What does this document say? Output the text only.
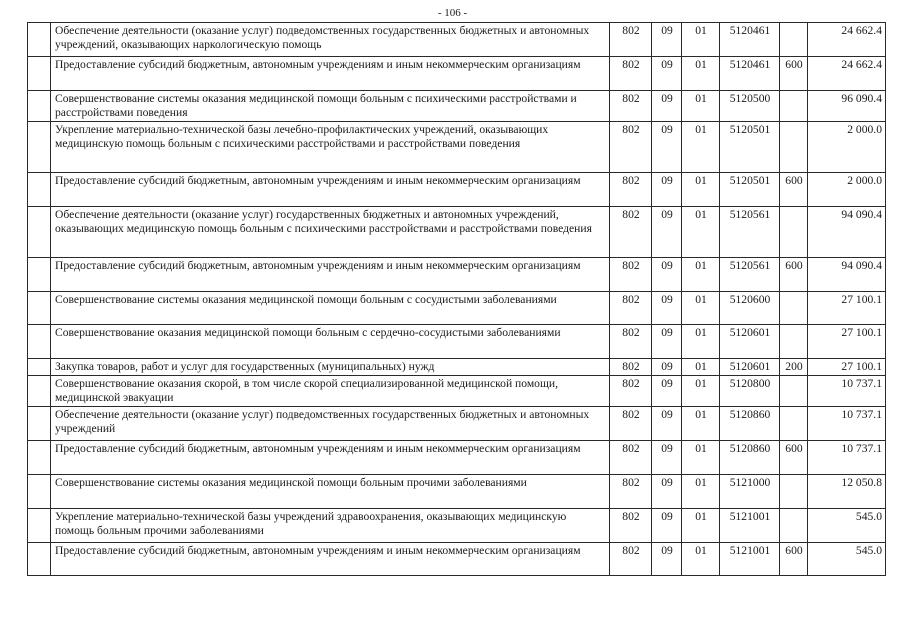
- 106 -
	Обеспечение деятельности (оказание услуг) подведомственных государственных бюджетных и автономных учреждений, оказывающих наркологическую помощь	802	09	01	5120461		24 662.4
	Предоставление субсидий бюджетным, автономным учреждениям и иным некоммерческим организациям	802	09	01	5120461	600	24 662.4
	Совершенствование системы оказания медицинской помощи больным с психическими расстройствами и расстройствами поведения	802	09	01	5120500		96 090.4
	Укрепление материально-технической базы лечебно-профилактических учреждений, оказывающих медицинскую помощь больным с психическими расстройствами и расстройствами поведения	802	09	01	5120501		2 000.0
	Предоставление субсидий бюджетным, автономным учреждениям и иным некоммерческим организациям	802	09	01	5120501	600	2 000.0
	Обеспечение деятельности (оказание услуг) государственных бюджетных и автономных учреждений, оказывающих медицинскую помощь больным с психическими расстройствами и расстройствами поведения	802	09	01	5120561		94 090.4
	Предоставление субсидий бюджетным, автономным учреждениям и иным некоммерческим организациям	802	09	01	5120561	600	94 090.4
	Совершенствование системы оказания медицинской помощи больным с сосудистыми заболеваниями	802	09	01	5120600		27 100.1
	Совершенствование оказания медицинской помощи больным с сердечно-сосудистыми заболеваниями	802	09	01	5120601		27 100.1
	Закупка товаров, работ и услуг для государственных (муниципальных) нужд	802	09	01	5120601	200	27 100.1
	Совершенствование оказания скорой, в том числе скорой специализированной медицинской помощи, медицинской эвакуации	802	09	01	5120800		10 737.1
	Обеспечение деятельности (оказание услуг) подведомственных государственных бюджетных и автономных учреждений	802	09	01	5120860		10 737.1
	Предоставление субсидий бюджетным, автономным учреждениям и иным некоммерческим организациям	802	09	01	5120860	600	10 737.1
	Совершенствование системы оказания медицинской помощи больным прочими заболеваниями	802	09	01	5121000		12 050.8
	Укрепление материально-технической базы учреждений здравоохранения, оказывающих медицинскую помощь больным прочими заболеваниями	802	09	01	5121001		545.0
	Предоставление субсидий бюджетным, автономным учреждениям и иным некоммерческим организациям	802	09	01	5121001	600	545.0
